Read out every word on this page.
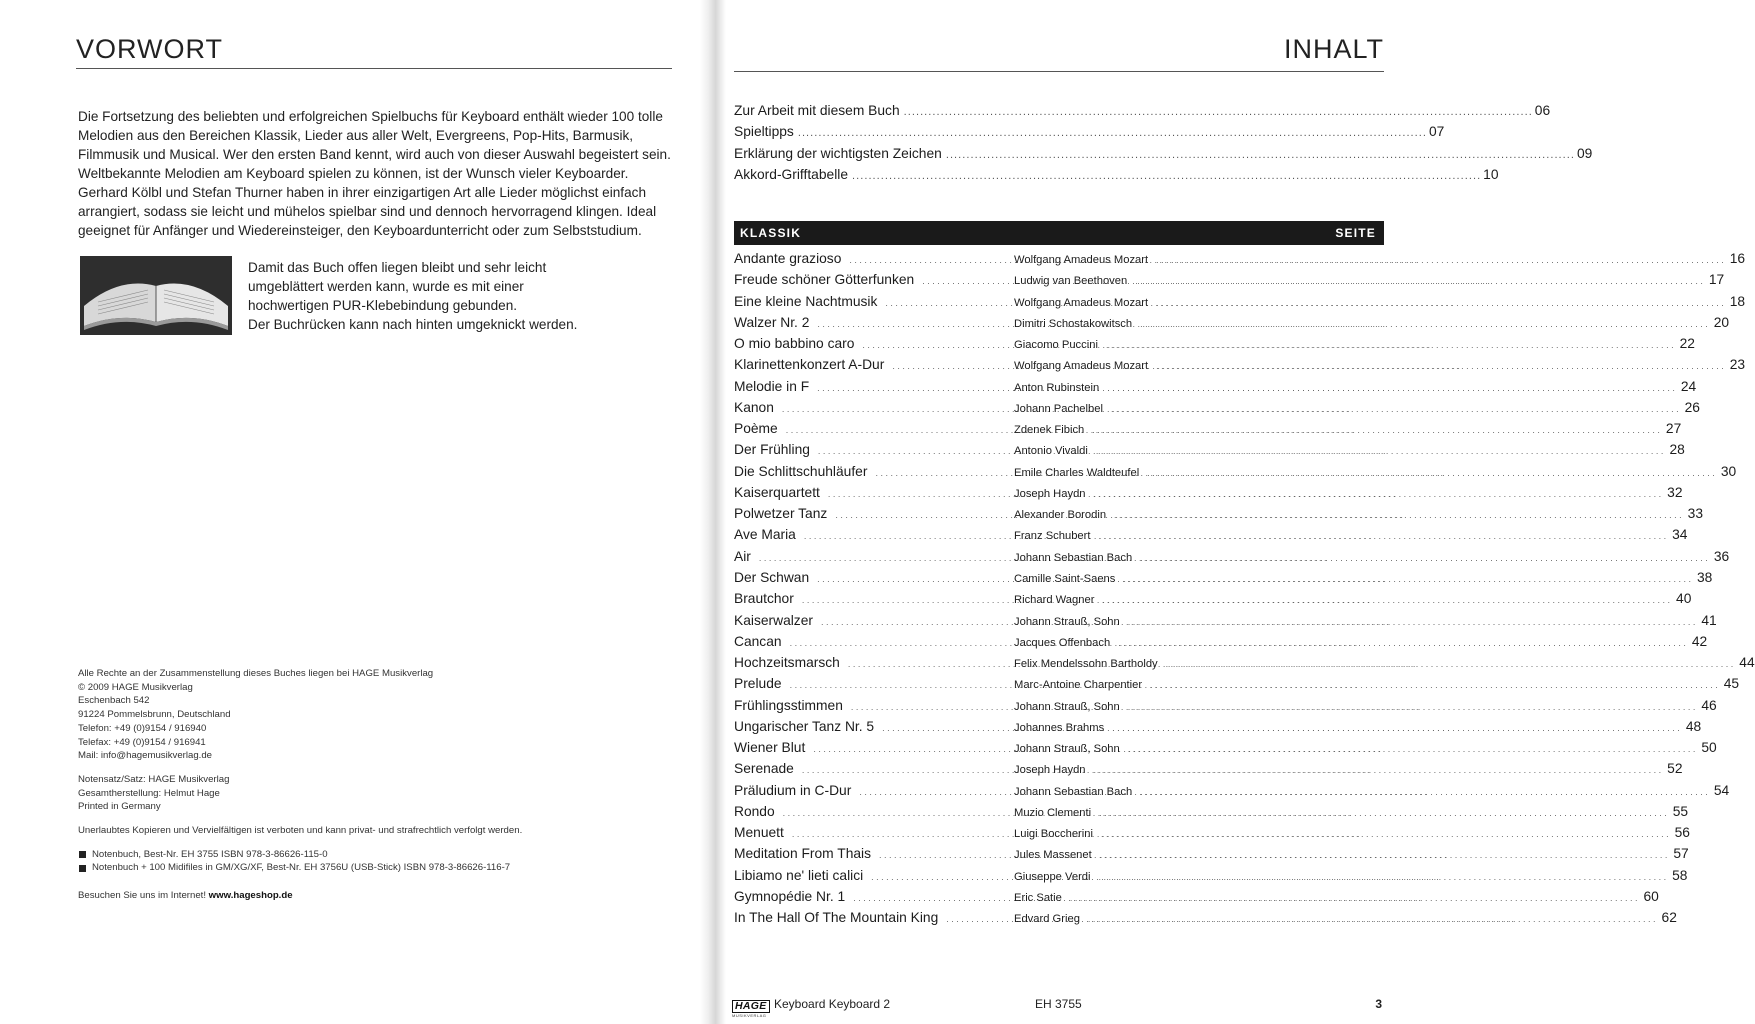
VORWORT

Die Fortsetzung des beliebten und erfolgreichen Spielbuchs für Keyboard enthält wieder 100 tolle

Melodien aus den Bereichen Klassik, Lieder aus aller Welt, Evergreens, Pop-Hits, Barmusik,

Filmmusik und Musical. Wer den ersten Band kennt, wird auch von dieser Auswahl begeistert sein.

Weltbekannte Melodien am Keyboard spielen zu können, ist der Wunsch vieler Keyboarder.

Gerhard Kölbl und Stefan Thurner haben in ihrer einzigartigen Art alle Lieder möglichst einfach

arrangiert, sodass sie leicht und mühelos spielbar sind und dennoch hervorragend klingen. Ideal

geeignet für Anfänger und Wiedereinsteiger, den Keyboardunterricht oder zum Selbststudium.

Damit das Buch offen liegen bleibt und sehr leicht

umgeblättert werden kann, wurde es mit einer

hochwertigen PUR-Klebebindung gebunden.

Der Buchrücken kann nach hinten umgeknickt werden.

Alle Rechte an der Zusammenstellung dieses Buches liegen bei HAGE Musikverlag

© 2009 HAGE Musikverlag

Eschenbach 542

91224 Pommelsbrunn, Deutschland

Telefon: +49 (0)9154 / 916940

Telefax: +49 (0)9154 / 916941

Mail: info@hagemusikverlag.de

Notensatz/Satz: HAGE Musikverlag

Gesamtherstellung: Helmut Hage

Printed in Germany

Unerlaubtes Kopieren und Vervielfältigen ist verboten und kann privat- und strafrechtlich verfolgt werden.

Notenbuch, Best-Nr. EH 3755 ISBN 978-3-86626-115-0
Notenbuch + 100 Midifiles in GM/XG/XF, Best-Nr. EH 3756U (USB-Stick) ISBN 978-3-86626-116-7

Besuchen Sie uns im Internet! www.hageshop.de

INHALT
Zur Arbeit mit diesem Buch . . .	06
Spieltipps . . .	07
Erklärung der wichtigsten Zeichen . . .	09
Akkord-Grifftabelle . . .	10
KLASSIK	SEITE
Andante grazioso . . .	Wolfgang Amadeus Mozart . . .	16
Freude schöner Götterfunken . . .	Ludwig van Beethoven . . .	17
Eine kleine Nachtmusik . . .	Wolfgang Amadeus Mozart . . .	18
Walzer Nr. 2 . . .	Dimitri Schostakowitsch . . .	20
O mio babbino caro . . .	Giacomo Puccini . . .	22
Klarinettenkonzert A-Dur . . .	Wolfgang Amadeus Mozart . . .	23
Melodie in F . . .	Anton Rubinstein . . .	24
Kanon . . .	Johann Pachelbel . . .	26
Poème . . .	Zdenek Fibich . . .	27
Der Frühling . . .	Antonio Vivaldi . . .	28
Die Schlittschuhläufer . . .	Emile Charles Waldteufel . . .	30
Kaiserquartett . . .	Joseph Haydn . . .	32
Polwetzer Tanz . . .	Alexander Borodin . . .	33
Ave Maria . . .	Franz Schubert . . .	34
Air . . .	Johann Sebastian Bach . . .	36
Der Schwan . . .	Camille Saint-Saens . . .	38
Brautchor . . .	Richard Wagner . . .	40
Kaiserwalzer . . .	Johann Strauß, Sohn . . .	41
Cancan . . .	Jacques Offenbach . . .	42
Hochzeitsmarsch . . .	Felix Mendelssohn Bartholdy . . .	44
Prelude . . .	Marc-Antoine Charpentier . . .	45
Frühlingsstimmen . . .	Johann Strauß, Sohn . . .	46
Ungarischer Tanz Nr. 5 . . .	Johannes Brahms . . .	48
Wiener Blut . . .	Johann Strauß, Sohn . . .	50
Serenade . . .	Joseph Haydn . . .	52
Präludium in C-Dur . . .	Johann Sebastian Bach . . .	54
Rondo . . .	Muzio Clementi . . .	55
Menuett . . .	Luigi Boccherini . . .	56
Meditation From Thais . . .	Jules Massenet . . .	57
Libiamo ne' lieti calici . . .	Giuseppe Verdi . . .	58
Gymnopédie Nr. 1 . . .	Eric Satie . . .	60
In The Hall Of The Mountain King . . .	Edvard Grieg . . .	62
HAGE
MUSIKVERLAG
Keyboard Keyboard 2	EH 3755	3
